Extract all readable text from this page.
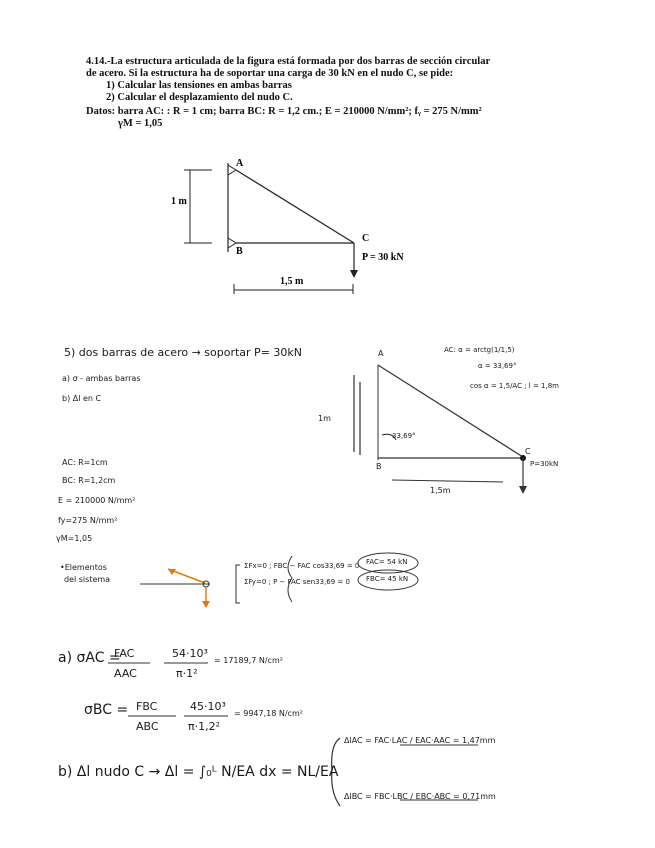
4.14.-La estructura articulada de la figura está formada por dos barras de sección circular
de acero. Si la estructura ha de soportar una carga de 30 kN en el nudo C, se pide:
1) Calcular las tensiones en ambas barras
2) Calcular el desplazamiento del nudo C.
Datos: barra AC: : R = 1 cm; barra BC: R = 1,2 cm.; E = 210000 N/mm²; fᵧ = 275 N/mm²
γM = 1,05
A
B
C
1 m
1,5 m
P = 30 kN
5) dos barras de acero → soportar P= 30kN
a) σ - ambas barras
b) Δl en C
AC: R=1cm
BC: R=1,2cm
E = 210000 N/mm²
fy=275 N/mm²
γM=1,05
•Elementos
del sistema
ΣFx=0 ; FBC − FAC cos33,69 = 0
ΣFy=0 ; P − FAC sen33,69 = 0
FAC= 54 kN
FBC= 45 kN
A
B
C
1m
1,5m
33,69°
P=30kN
AC: α = arctg(1/1,5)
α = 33,69°
cos α = 1,5/AC ; l = 1,8m
a) σAC =
FAC
AAC
54·10³
π·1²
= 17189,7 N/cm²
σBC = FBC
ABC
45·10³
π·1,2²
= 9947,18 N/cm²
b) Δl nudo C → Δl = ∫₀ᴸ N/EA dx = NL/EA
ΔlAC = FAC·LAC / EAC·AAC = 1,47mm
ΔlBC = FBC·LBC / EBC·ABC = 0,71mm
